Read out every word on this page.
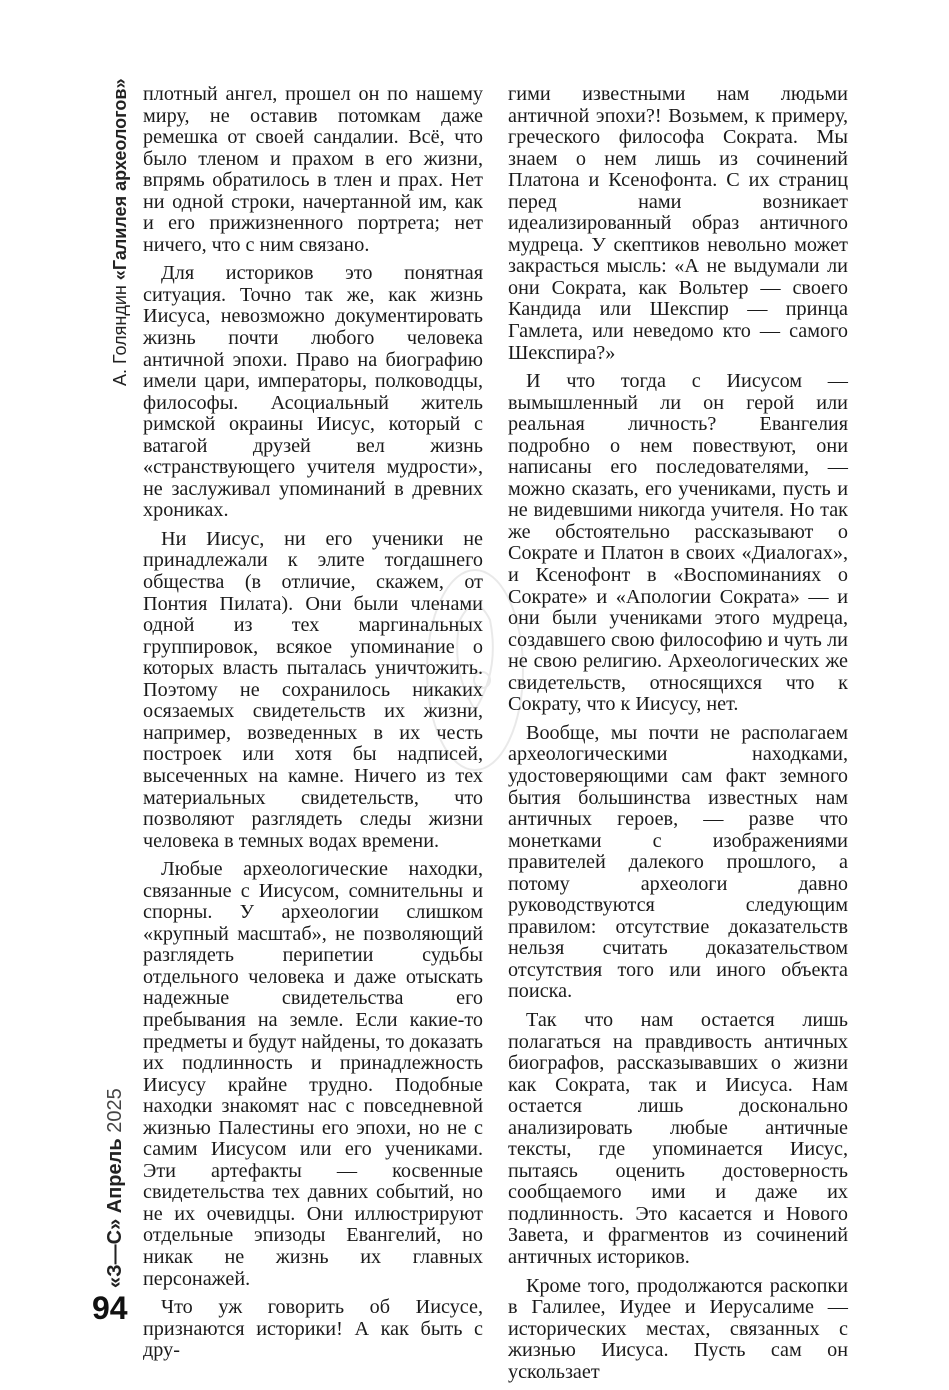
А. Голяндин «Галилея археологов» плотный ангел, прошел он по нашему миру, не оставив потомкам даже ремешка от своей сандалии. Всё, что было тленом и прахом в его жизни, впрямь обратилось в тлен и прах. Нет ни одной строки, начертанной им, как и его прижизненного портрета; нет ничего, что с ним связано.

Для историков это понятная ситуация. Точно так же, как жизнь Иисуса, невозможно документировать жизнь почти любого человека античной эпохи. Право на биографию имели цари, императоры, полководцы, философы. Асоциальный житель римской окраины Иисус, который с ватагой друзей вел жизнь «странствующего учителя мудрости», не заслуживал упоминаний в древних хрониках.

Ни Иисус, ни его ученики не принадлежали к элите тогдашнего общества (в отличие, скажем, от Понтия Пилата). Они были членами одной из тех маргинальных группировок, всякое упоминание о которых власть пыталась уничтожить. Поэтому не сохранилось никаких осязаемых свидетельств их жизни, например, возведенных в их честь построек или хотя бы надписей, высеченных на камне. Ничего из тех материальных свидетельств, что позволяют разглядеть следы жизни человека в темных водах времени.

Любые археологические находки, связанные с Иисусом, сомнительны и спорны. У археологии слишком «крупный масштаб», не позволяющий разглядеть перипетии судьбы отдельного человека и даже отыскать надежные свидетельства его пребывания на земле. Если какие-то предметы и будут найдены, то доказать их подлинность и принадлежность Иисусу крайне трудно. Подобные находки знакомят нас с повседневной жизнью Палестины его эпохи, но не с самим Иисусом или его учениками. Эти артефакты — косвенные свидетельства тех давних событий, но не их очевидцы. Они иллюстрируют отдельные эпизоды Евангелий, но никак не жизнь их главных персонажей.

Что уж говорить об Иисусе, признаются историки! А как быть с дру-

гими известными нам людьми античной эпохи?! Возьмем, к примеру, греческого философа Сократа. Мы знаем о нем лишь из сочинений Платона и Ксенофонта. С их страниц перед нами возникает идеализированный образ античного мудреца. У скептиков невольно может закрасться мысль: «А не выдумали ли они Сократа, как Вольтер — своего Кандида или Шекспир — принца Гамлета, или неведомо кто — самого Шекспира?»

И что тогда с Иисусом — вымышленный ли он герой или реальная личность? Евангелия подробно о нем повествуют, они написаны его последователями, — можно сказать, его учениками, пусть и не видевшими никогда учителя. Но так же обстоятельно рассказывают о Сократе и Платон в своих «Диалогах», и Ксенофонт в «Воспоминаниях о Сократе» и «Апологии Сократа» — и они были учениками этого мудреца, создавшего свою философию и чуть ли не свою религию. Археологических же свидетельств, относящихся что к Сократу, что к Иисусу, нет.

Вообще, мы почти не располагаем археологическими находками, удостоверяющими сам факт земного бытия большинства известных нам античных героев, — разве что монетками с изображениями правителей далекого прошлого, а потому археологи давно руководствуются следующим правилом: отсутствие доказательств нельзя считать доказательством отсутствия того или иного объекта поиска.

Так что нам остается лишь полагаться на правдивость античных биографов, рассказывавших о жизни как Сократа, так и Иисуса. Нам остается лишь досконально анализировать любые античные тексты, где упоминается Иисус, пытаясь оценить достоверность сообщаемого ими и даже их подлинность. Это касается и Нового Завета, и фрагментов из сочинений античных историков.

Кроме того, продолжаются раскопки в Галилее, Иудее и Иерусалиме — исторических местах, связанных с жизнью Иисуса. Пусть сам он ускользает

«З—С» Апрель 2025
94
